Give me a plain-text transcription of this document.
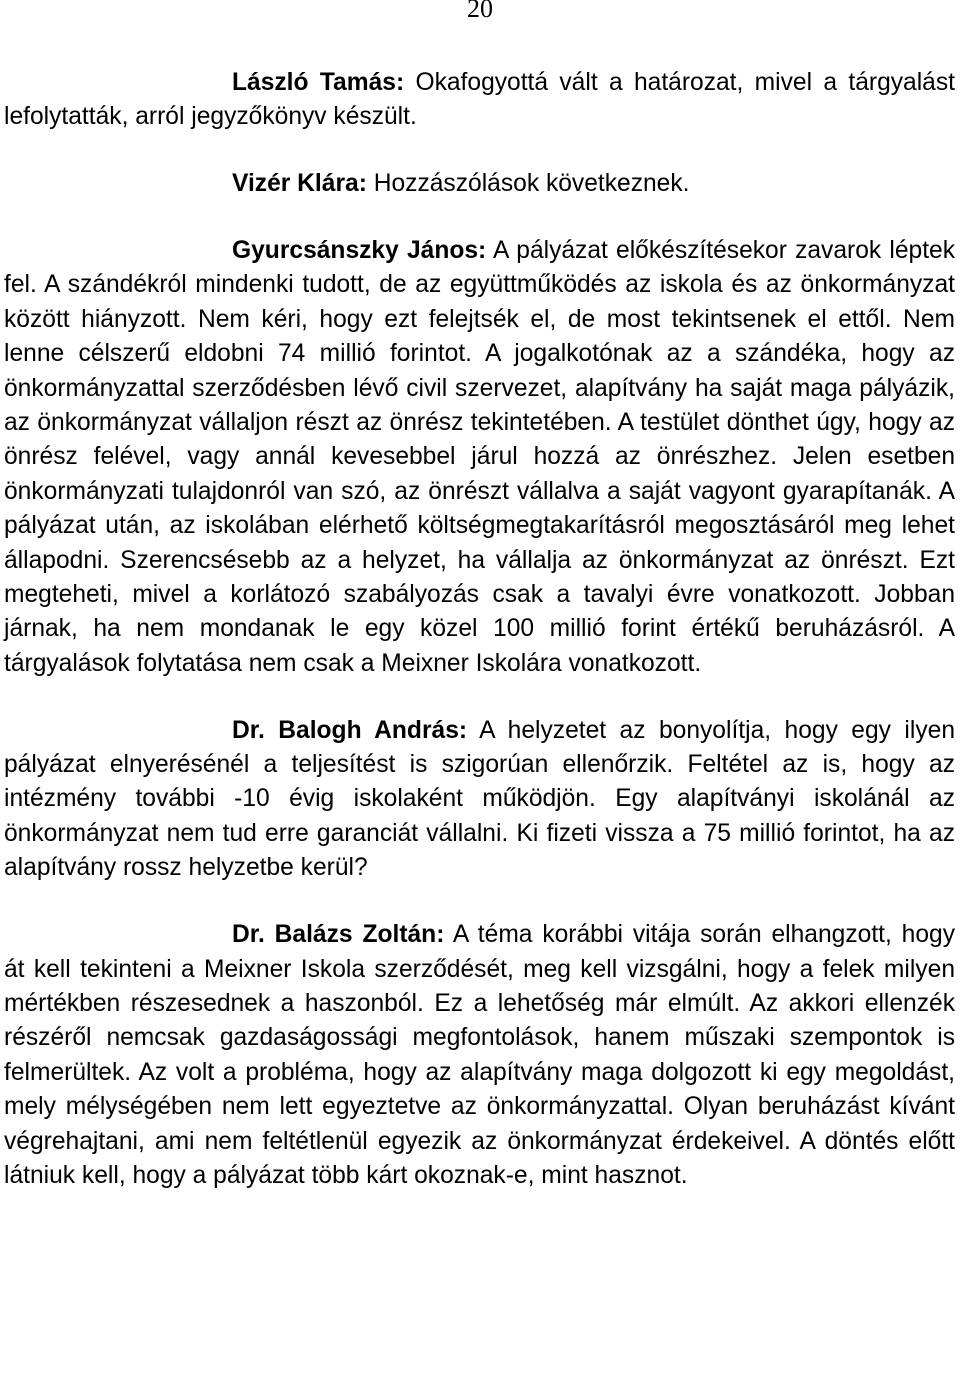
20

László Tamás: Okafogyottá vált a határozat, mivel a tárgyalást lefolytatták, arról jegyzőkönyv készült.

Vizér Klára: Hozzászólások következnek.

Gyurcsánszky János: A pályázat előkészítésekor zavarok léptek fel. A szándékról mindenki tudott, de az együttműködés az iskola és az önkormányzat között hiányzott. Nem kéri, hogy ezt felejtsék el, de most tekintsenek el ettől. Nem lenne célszerű eldobni 74 millió forintot. A jogalkotónak az a szándéka, hogy az önkormányzattal szerződésben lévő civil szervezet, alapítvány ha saját maga pályázik, az önkormányzat vállaljon részt az önrész tekintetében. A testület dönthet úgy, hogy az önrész felével, vagy annál kevesebbel járul hozzá az önrészhez. Jelen esetben önkormányzati tulajdonról van szó, az önrészt vállalva a saját vagyont gyarapítanák. A pályázat után, az iskolában elérhető költségmegtakarításról megosztásáról meg lehet állapodni. Szerencsésebb az a helyzet, ha vállalja az önkormányzat az önrészt. Ezt megteheti, mivel a korlátozó szabályozás csak a tavalyi évre vonatkozott. Jobban járnak, ha nem mondanak le egy közel 100 millió forint értékű beruházásról. A tárgyalások folytatása nem csak a Meixner Iskolára vonatkozott.

Dr. Balogh András: A helyzetet az bonyolítja, hogy egy ilyen pályázat elnyerésénél a teljesítést is szigorúan ellenőrzik. Feltétel az is, hogy az intézmény további -10 évig iskolaként működjön. Egy alapítványi iskolánál az önkormányzat nem tud erre garanciát vállalni. Ki fizeti vissza a 75 millió forintot, ha az alapítvány rossz helyzetbe kerül?

Dr. Balázs Zoltán: A téma korábbi vitája során elhangzott, hogy át kell tekinteni a Meixner Iskola szerződését, meg kell vizsgálni, hogy a felek milyen mértékben részesednek a haszonból. Ez a lehetőség már elmúlt. Az akkori ellenzék részéről nemcsak gazdaságossági megfontolások, hanem műszaki szempontok is felmerültek. Az volt a probléma, hogy az alapítvány maga dolgozott ki egy megoldást, mely mélységében nem lett egyeztetve az önkormányzattal. Olyan beruházást kívánt végrehajtani, ami nem feltétlenül egyezik az önkormányzat érdekeivel. A döntés előtt látniuk kell, hogy a pályázat több kárt okoznak-e, mint hasznot.
